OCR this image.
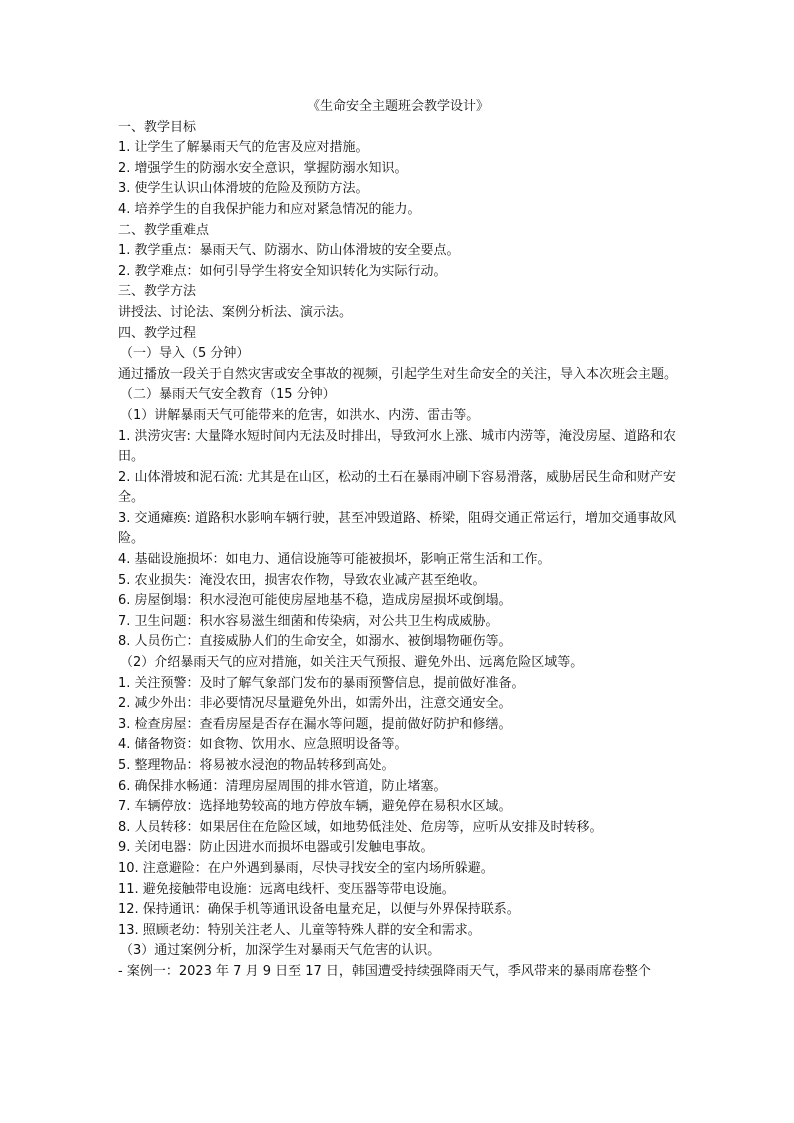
《生命安全主题班会教学设计》

一、教学目标

1. 让学生了解暴雨天气的危害及应对措施。

2. 增强学生的防溺水安全意识，掌握防溺水知识。

3. 使学生认识山体滑坡的危险及预防方法。

4. 培养学生的自我保护能力和应对紧急情况的能力。

二、教学重难点

1. 教学重点：暴雨天气、防溺水、防山体滑坡的安全要点。

2. 教学难点：如何引导学生将安全知识转化为实际行动。

三、教学方法

讲授法、讨论法、案例分析法、演示法。

四、教学过程

（一）导入（5 分钟）

通过播放一段关于自然灾害或安全事故的视频，引起学生对生命安全的关注，导入本次班会主题。

（二）暴雨天气安全教育（15 分钟）

（1）讲解暴雨天气可能带来的危害，如洪水、内涝、雷击等。

1. 洪涝灾害: 大量降水短时间内无法及时排出，导致河水上涨、城市内涝等，淹没房屋、道路和农田。

2. 山体滑坡和泥石流: 尤其是在山区，松动的土石在暴雨冲刷下容易滑落，威胁居民生命和财产安全。

3. 交通瘫痪: 道路积水影响车辆行驶，甚至冲毁道路、桥梁，阻碍交通正常运行，增加交通事故风险。

4. 基础设施损坏：如电力、通信设施等可能被损坏，影响正常生活和工作。

5. 农业损失：淹没农田，损害农作物，导致农业减产甚至绝收。

6. 房屋倒塌：积水浸泡可能使房屋地基不稳，造成房屋损坏或倒塌。

7. 卫生问题：积水容易滋生细菌和传染病，对公共卫生构成威胁。

8. 人员伤亡：直接威胁人们的生命安全，如溺水、被倒塌物砸伤等。

（2）介绍暴雨天气的应对措施，如关注天气预报、避免外出、远离危险区域等。

1. 关注预警：及时了解气象部门发布的暴雨预警信息，提前做好准备。

2. 减少外出：非必要情况尽量避免外出，如需外出，注意交通安全。

3. 检查房屋：查看房屋是否存在漏水等问题，提前做好防护和修缮。

4. 储备物资：如食物、饮用水、应急照明设备等。

5. 整理物品：将易被水浸泡的物品转移到高处。

6. 确保排水畅通：清理房屋周围的排水管道，防止堵塞。

7. 车辆停放：选择地势较高的地方停放车辆，避免停在易积水区域。

8. 人员转移：如果居住在危险区域，如地势低洼处、危房等，应听从安排及时转移。

9. 关闭电器：防止因进水而损坏电器或引发触电事故。

10. 注意避险：在户外遇到暴雨，尽快寻找安全的室内场所躲避。

11. 避免接触带电设施：远离电线杆、变压器等带电设施。

12. 保持通讯：确保手机等通讯设备电量充足，以便与外界保持联系。

13. 照顾老幼：特别关注老人、儿童等特殊人群的安全和需求。

（3）通过案例分析，加深学生对暴雨天气危害的认识。

- 案例一：2023 年 7 月 9 日至 17 日，韩国遭受持续强降雨天气，季风带来的暴雨席卷整个
